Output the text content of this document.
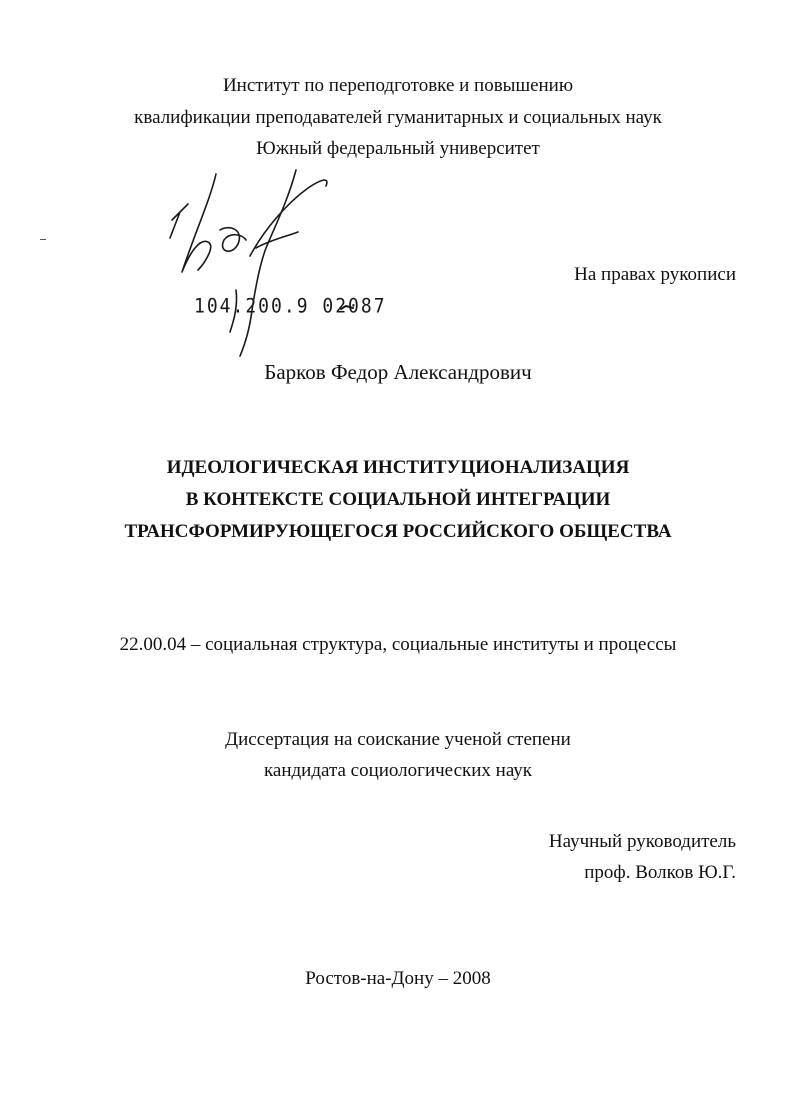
Институт по переподготовке и повышению
квалификации преподавателей гуманитарных и социальных наук
Южный федеральный университет
104.200.9 02087
На правах рукописи
Барков Федор Александрович
ИДЕОЛОГИЧЕСКАЯ ИНСТИТУЦИОНАЛИЗАЦИЯ
В КОНТЕКСТЕ СОЦИАЛЬНОЙ ИНТЕГРАЦИИ
ТРАНСФОРМИРУЮЩЕГОСЯ РОССИЙСКОГО ОБЩЕСТВА
22.00.04 – социальная структура, социальные институты и процессы
Диссертация на соискание ученой степени
кандидата социологических наук
Научный руководитель
проф. Волков Ю.Г.
Ростов-на-Дону – 2008
